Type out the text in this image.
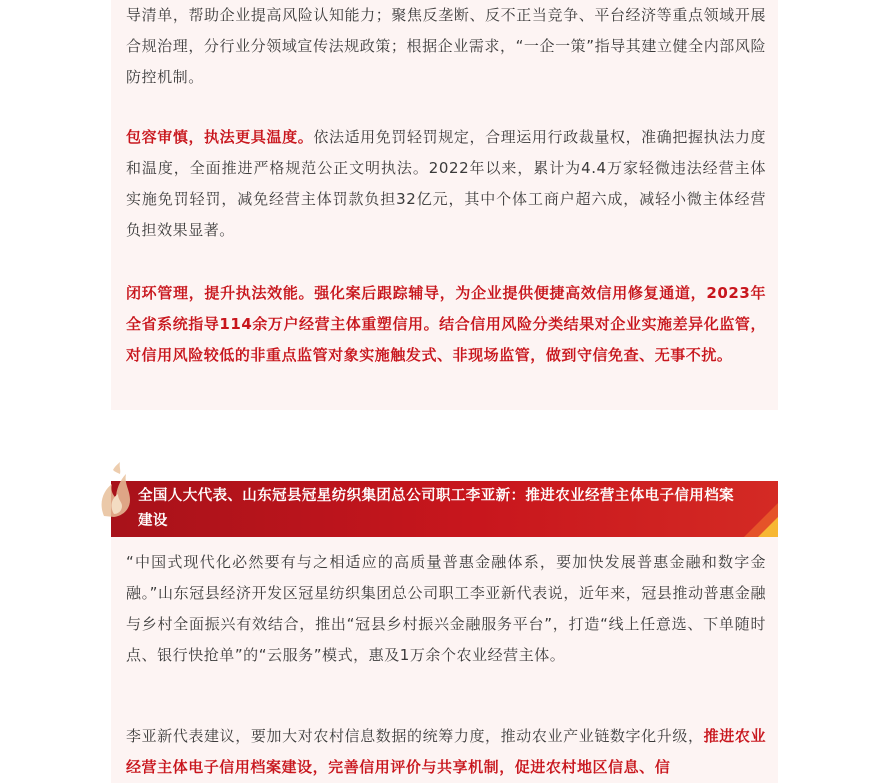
导清单，帮助企业提高风险认知能力；聚焦反垄断、反不正当竞争、平台经济等重点领域开展合规治理，分行业分领域宣传法规政策；根据企业需求，“一企一策”指导其建立健全内部风险防控机制。

包容审慎，执法更具温度。依法适用免罚轻罚规定，合理运用行政裁量权，准确把握执法力度和温度，全面推进严格规范公正文明执法。2022年以来，累计为4.4万家轻微违法经营主体实施免罚轻罚，减免经营主体罚款负担32亿元，其中个体工商户超六成，减轻小微主体经营负担效果显著。

闭环管理，提升执法效能。强化案后跟踪辅导，为企业提供便捷高效信用修复通道，2023年全省系统指导114余万户经营主体重塑信用。结合信用风险分类结果对企业实施差异化监管，对信用风险较低的非重点监管对象实施触发式、非现场监管，做到守信免查、无事不扰。

全国人大代表、山东冠县冠星纺织集团总公司职工李亚新：推进农业经营主体电子信用档案建设

“中国式现代化必然要有与之相适应的高质量普惠金融体系，要加快发展普惠金融和数字金融。”山东冠县经济开发区冠星纺织集团总公司职工李亚新代表说，近年来，冠县推动普惠金融与乡村全面振兴有效结合，推出“冠县乡村振兴金融服务平台”，打造“线上任意选、下单随时点、银行快抢单”的“云服务”模式，惠及1万余个农业经营主体。

李亚新代表建议，要加大对农村信息数据的统筹力度，推动农业产业链数字化升级，推进农业经营主体电子信用档案建设，完善信用评价与共享机制，促进农村地区信息、信
